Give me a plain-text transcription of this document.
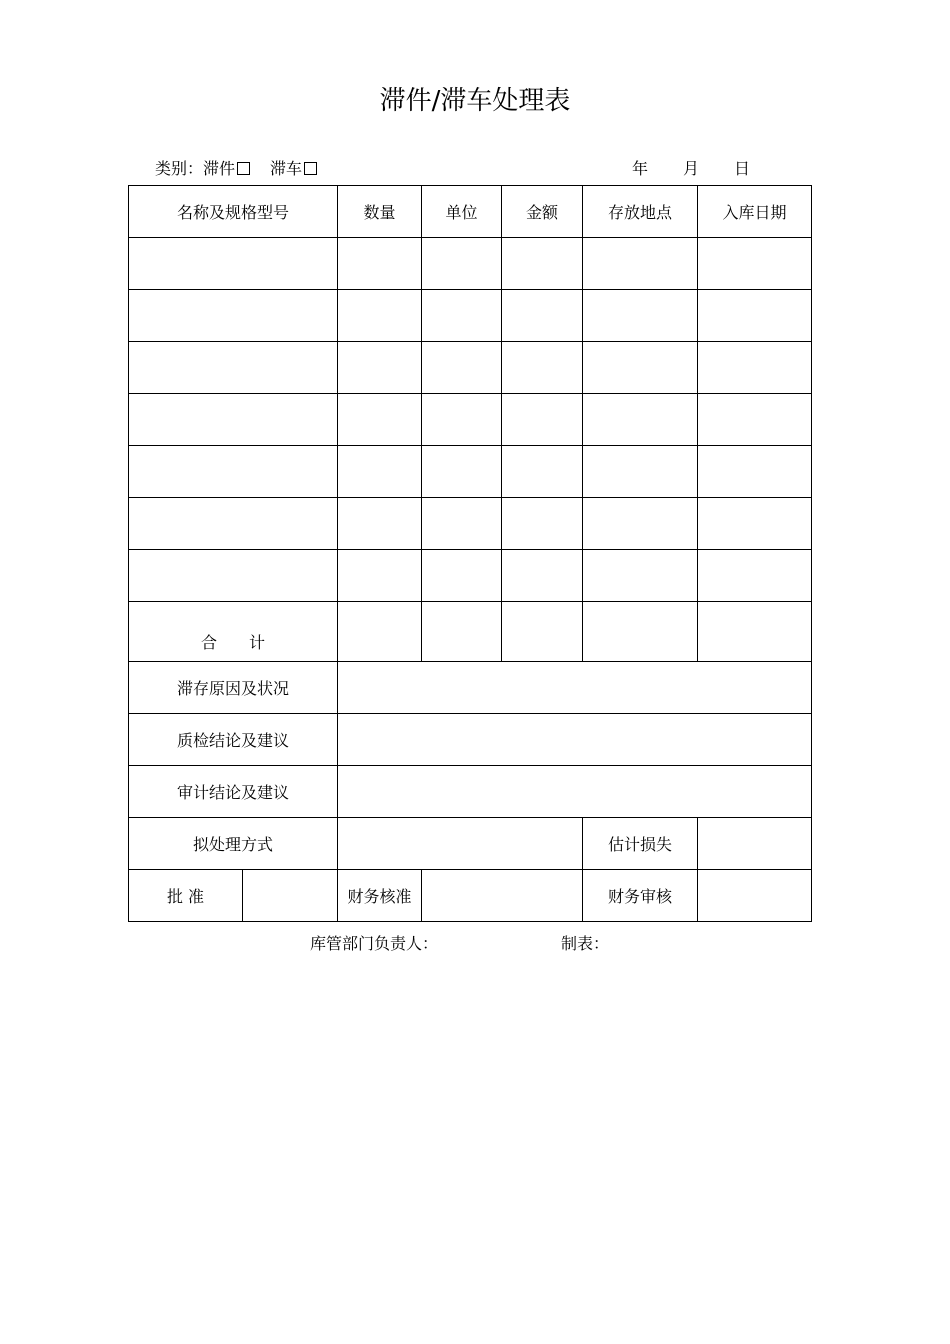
滞件/滞车处理表
类别：滞件 滞车	年 月 日
名称及规格型号		数量	单位	金额	存放地点	入库日期

合　　计						
滞存原因及状况						
质检结论及建议						
审计结论及建议						
拟处理方式					估计损失	
批 准		财务核准			财务审核	
库管部门负责人：	制表：
